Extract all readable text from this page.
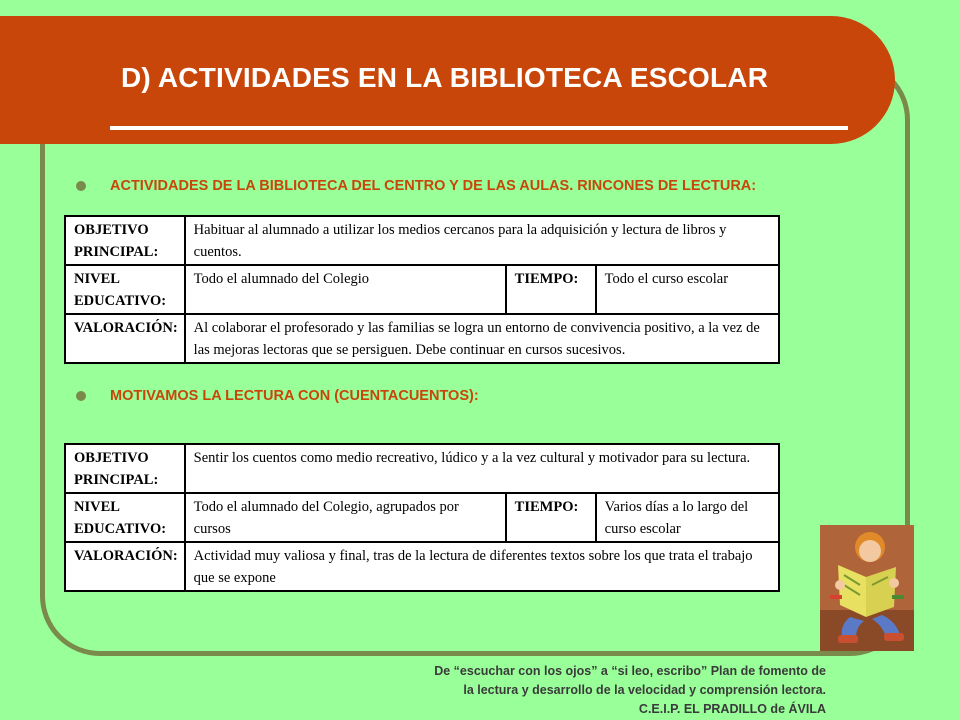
D) ACTIVIDADES EN LA BIBLIOTECA ESCOLAR
ACTIVIDADES DE LA BIBLIOTECA DEL CENTRO Y DE LAS AULAS. RINCONES DE LECTURA:
OBJETIVO PRINCIPAL:	Habituar al alumnado a utilizar los medios cercanos para la adquisición y lectura de libros y cuentos.		
NIVEL EDUCATIVO:	Todo el alumnado del Colegio	TIEMPO:	Todo el curso escolar
VALORACIÓN:	Al colaborar el profesorado y las familias se logra un entorno de convivencia positivo, a la vez de las mejoras lectoras que se persiguen. Debe continuar en cursos sucesivos.		
MOTIVAMOS LA LECTURA CON (CUENTACUENTOS):
OBJETIVO PRINCIPAL:	Sentir los cuentos como medio recreativo, lúdico y a la vez cultural y motivador para su lectura.		
NIVEL EDUCATIVO:	Todo el alumnado del Colegio, agrupados por cursos	TIEMPO:	Varios días a lo largo del curso escolar
VALORACIÓN:	Actividad muy valiosa y final, tras de la lectura de diferentes textos sobre los que trata el trabajo que se expone		
De “escuchar con los ojos” a “si leo, escribo” Plan de fomento de
la lectura y desarrollo de la velocidad y comprensión lectora.
C.E.I.P. EL PRADILLO de ÁVILA
